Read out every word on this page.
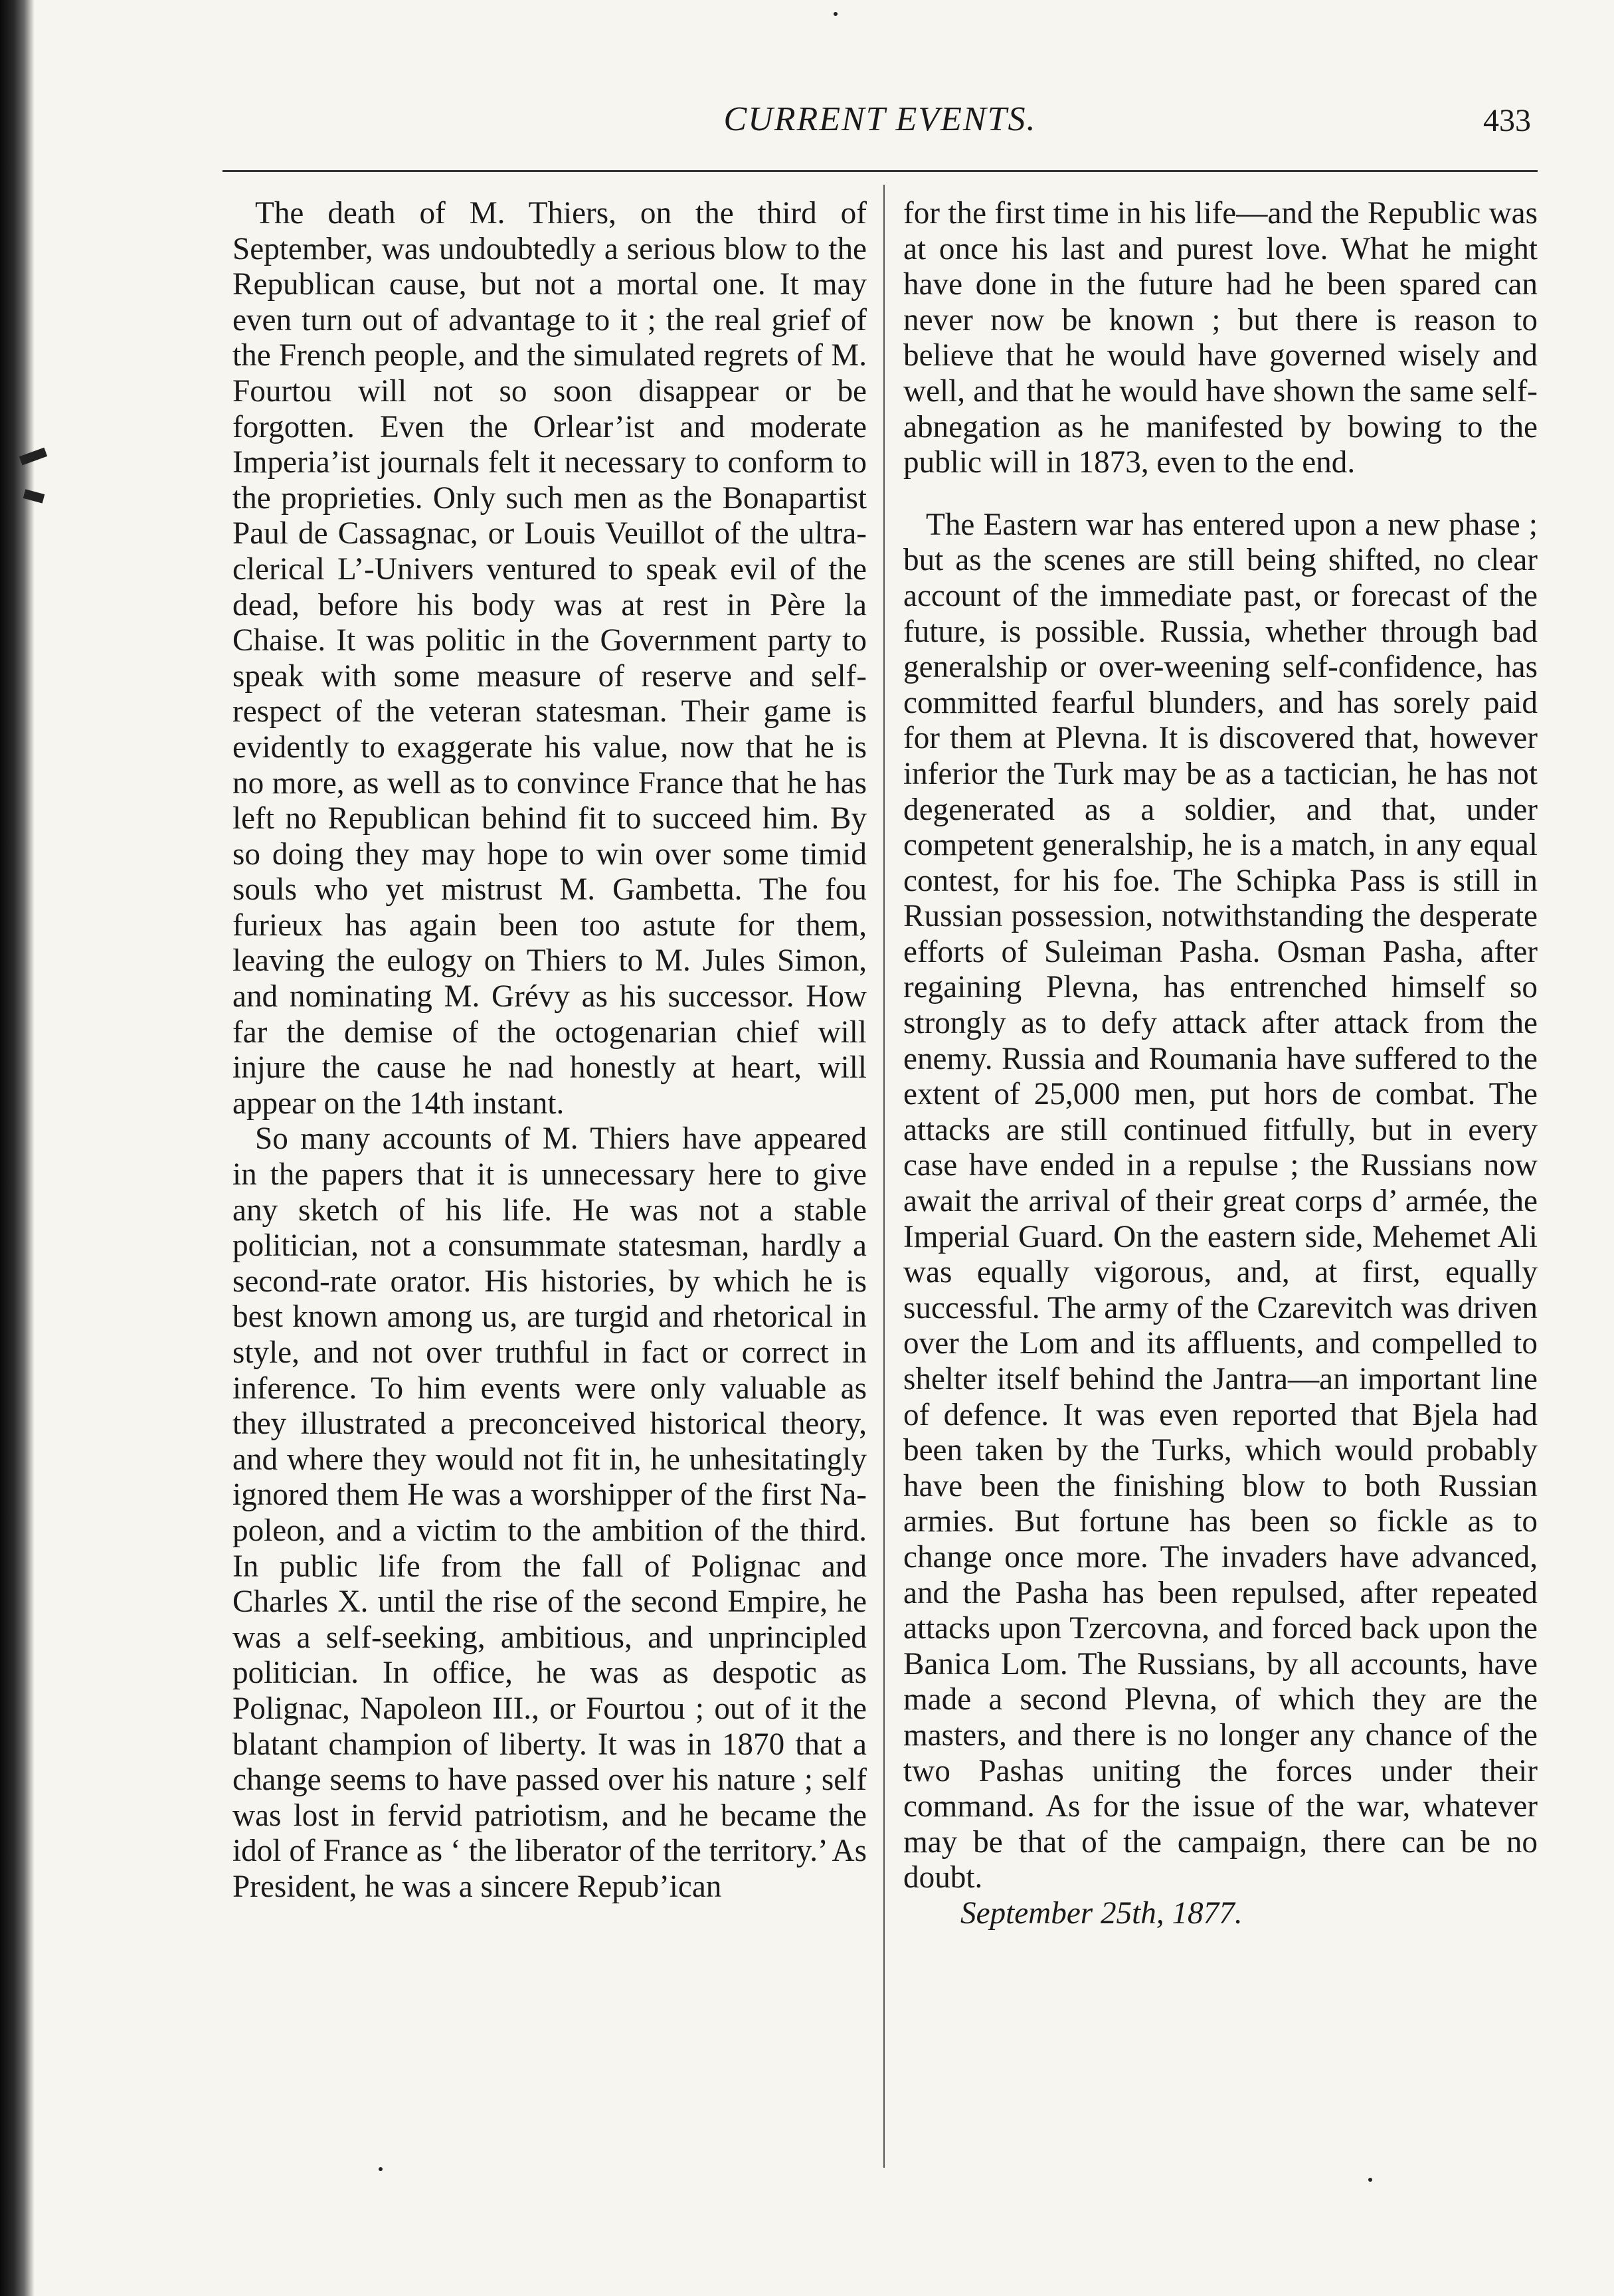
CURRENT EVENTS.	433

The death of M. Thiers, on the third of September, was undoubtedly a serious blow to the Republican cause, but not a mortal one. It may even turn out of advantage to it ; the real grief of the French people, and the simulated regrets of M. Fourtou will not so soon disappear or be forgotten. Even the Orlear’ist and moderate Imperia’ist journals felt it necessary to conform to the proprieties. Only such men as the Bonapartist Paul de Cassagnac, or Louis Veuillot of the ultra-clerical L’-Univers ventured to speak evil of the dead, before his body was at rest in Père la Chaise. It was politic in the Government party to speak with some measure of reserve and self-respect of the veteran statesman. Their game is evidently to exaggerate his value, now that he is no more, as well as to convince France that he has left no Republican behind fit to succeed him. By so doing they may hope to win over some timid souls who yet mistrust M. Gambetta. The fou furieux has again been too astute for them, leaving the eulogy on Thiers to M. Jules Simon, and nominating M. Grévy as his successor. How far the demise of the octogenarian chief will injure the cause he nad honestly at heart, will appear on the 14th instant.

So many accounts of M. Thiers have appeared in the papers that it is unnecessary here to give any sketch of his life. He was not a stable politician, not a consummate statesman, hardly a second-rate orator. His histories, by which he is best known among us, are turgid and rhetorical in style, and not over truthful in fact or correct in inference. To him events were only valuable as they illustrated a preconceived historical theory, and where they would not fit in, he unhesitatingly ignored them He was a worshipper of the first Napoleon, and a victim to the ambition of the third. In public life from the fall of Polignac and Charles X. until the rise of the second Empire, he was a self-seeking, ambitious, and unprincipled politician. In office, he was as despotic as Polignac, Napoleon III., or Fourtou ; out of it the blatant champion of liberty. It was in 1870 that a change seems to have passed over his nature ; self was lost in fervid patriotism, and he became the idol of France as ‘ the liberator of the territory.’ As President, he was a sincere Repub’ican

for the first time in his life—and the Republic was at once his last and purest love. What he might have done in the future had he been spared can never now be known ; but there is reason to believe that he would have governed wisely and well, and that he would have shown the same self-abnegation as he manifested by bowing to the public will in 1873, even to the end.

The Eastern war has entered upon a new phase ; but as the scenes are still being shifted, no clear account of the immediate past, or forecast of the future, is possible. Russia, whether through bad generalship or over-weening self-confidence, has committed fearful blunders, and has sorely paid for them at Plevna. It is discovered that, however inferior the Turk may be as a tactician, he has not degenerated as a soldier, and that, under competent generalship, he is a match, in any equal contest, for his foe. The Schipka Pass is still in Russian possession, notwithstanding the desperate efforts of Suleiman Pasha. Osman Pasha, after regaining Plevna, has entrenched himself so strongly as to defy attack after attack from the enemy. Russia and Roumania have suffered to the extent of 25,000 men, put hors de combat. The attacks are still continued fitfully, but in every case have ended in a repulse ; the Russians now await the arrival of their great corps d’ armée, the Imperial Guard. On the eastern side, Mehemet Ali was equally vigorous, and, at first, equally successful. The army of the Czarevitch was driven over the Lom and its affluents, and compelled to shelter itself behind the Jantra—an important line of defence. It was even reported that Bjela had been taken by the Turks, which would probably have been the finishing blow to both Russian armies. But fortune has been so fickle as to change once more. The invaders have advanced, and the Pasha has been repulsed, after repeated attacks upon Tzercovna, and forced back upon the Banica Lom. The Russians, by all accounts, have made a second Plevna, of which they are the masters, and there is no longer any chance of the two Pashas uniting the forces under their command. As for the issue of the war, whatever may be that of the campaign, there can be no doubt.

September 25th, 1877.
